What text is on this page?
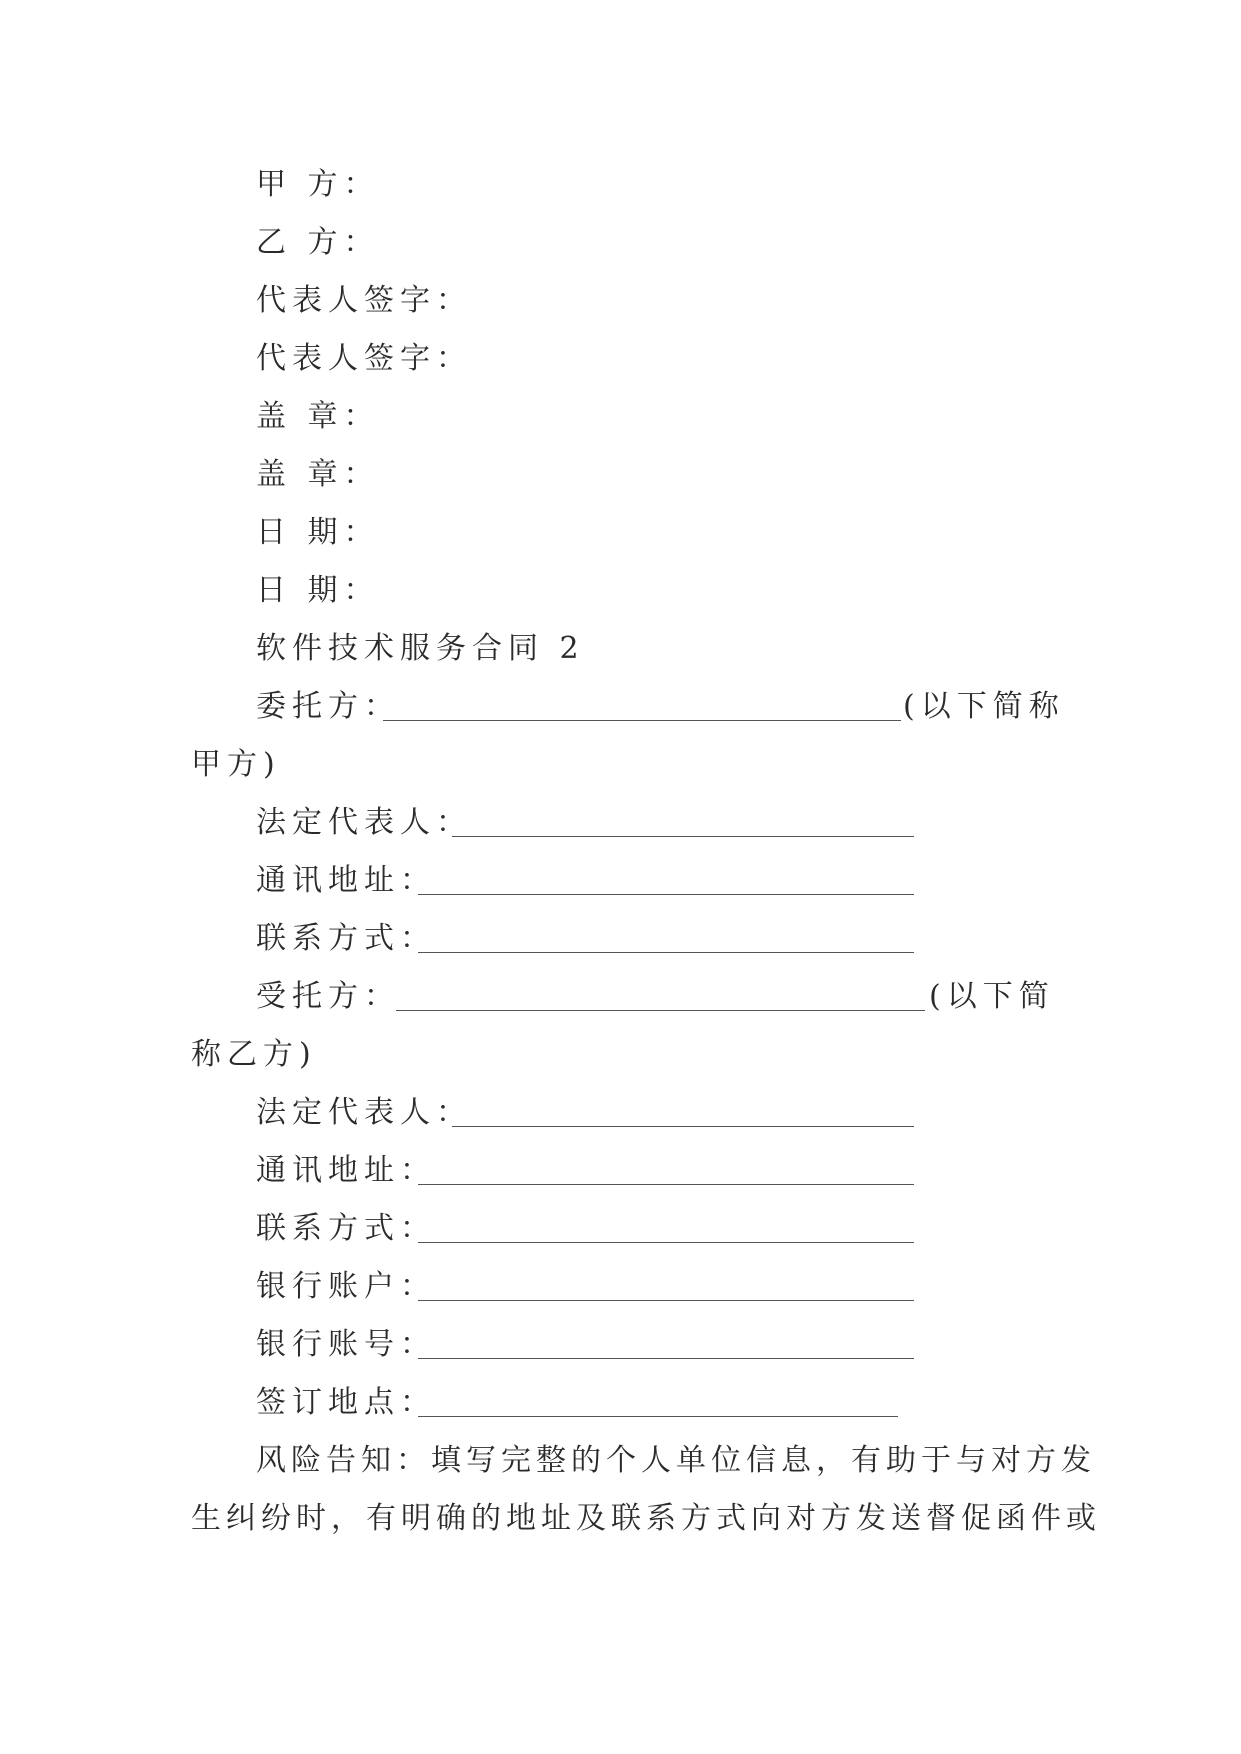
甲 方：
乙 方：
代表人签字：
代表人签字：
盖 章：
盖 章：
日 期：
日 期：
软件技术服务合同 2
委托方：	(以下简称
甲方)
法定代表人：
通讯地址：
联系方式：
受托方：	(以下简
称乙方)
法定代表人：
通讯地址：
联系方式：
银行账户：
银行账号：
签订地点：
风险告知：填写完整的个人单位信息，有助于与对方发
生纠纷时，有明确的地址及联系方式向对方发送督促函件或
